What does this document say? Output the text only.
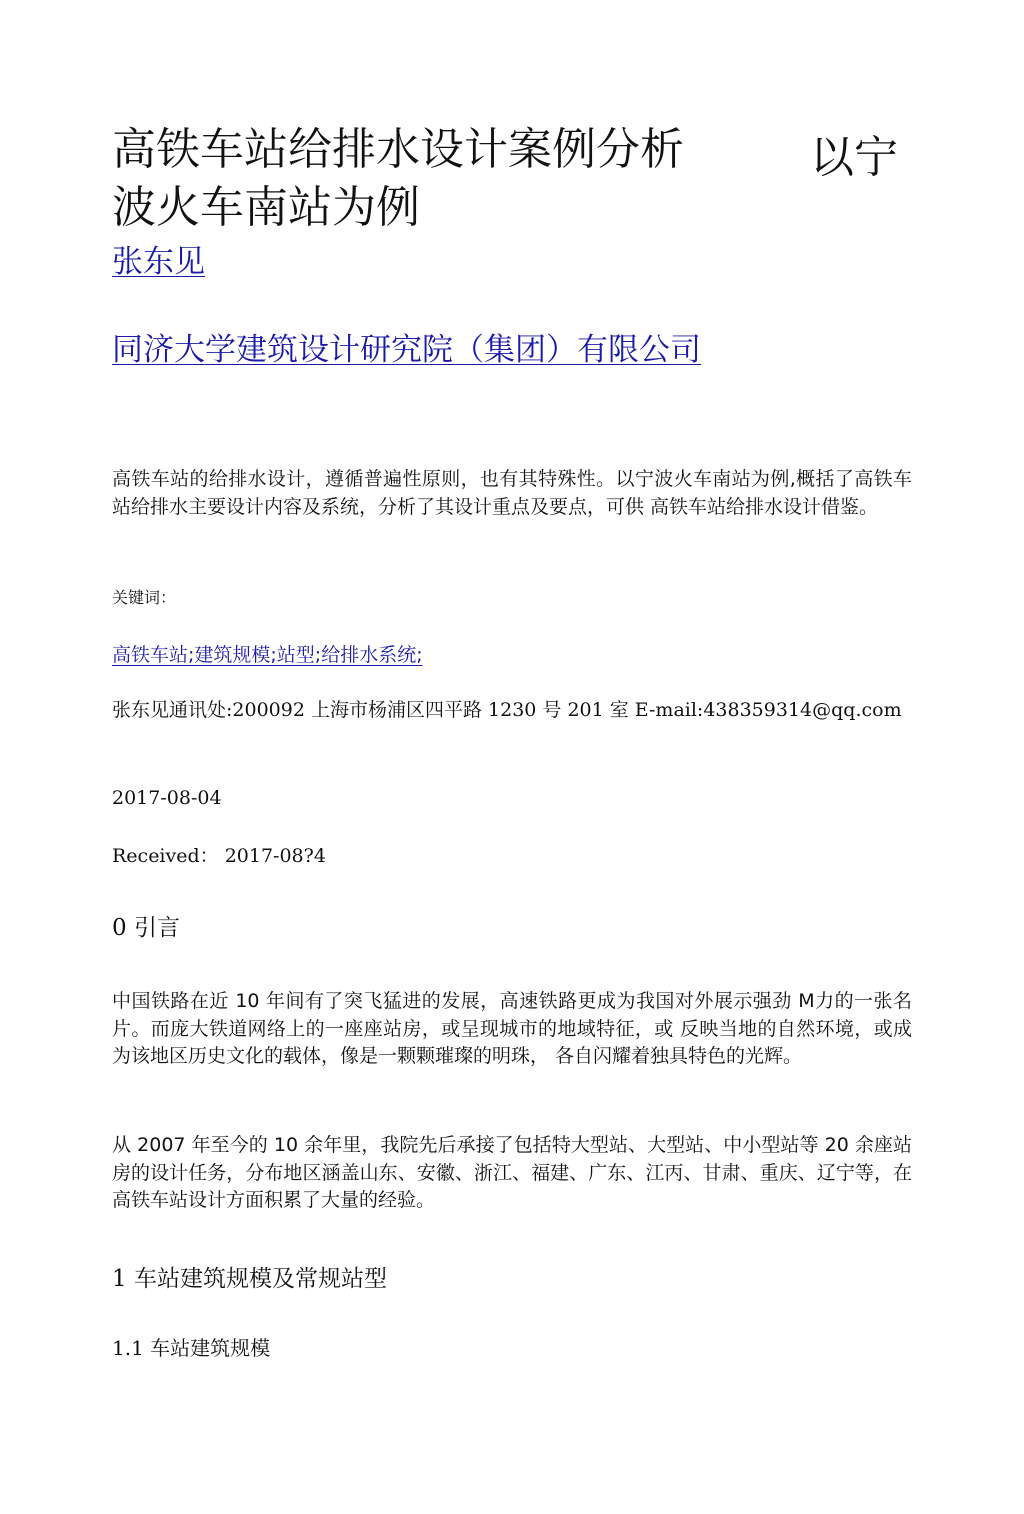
高铁车站给排水设计案例分析	以宁
波火车南站为例
张东见
同济大学建筑设计研究院（集团）有限公司

高铁车站的给排水设计，遵循普遍性原则，也有其特殊性。以宁波火车南站为例,概括了高铁车站给排水主要设计内容及系统，分析了其设计重点及要点，可供 高铁车站给排水设计借鉴。

关键词：
高铁车站;建筑规模;站型;给排水系统;

张东见通讯处:200092 上海市杨浦区四平路 1230 号 201 室 E-mail:438359314@qq.com

2017-08-04
Received： 2017-08?4
0 引言

中国铁路在近 10 年间有了突飞猛进的发展，高速铁路更成为我国对外展示强劲 M力的一张名片。而庞大铁道网络上的一座座站房，或呈现城市的地域特征，或 反映当地的自然环境，或成为该地区历史文化的载体，像是一颗颗璀璨的明珠， 各自闪耀着独具特色的光辉。

从 2007 年至今的 10 余年里，我院先后承接了包括特大型站、大型站、中小型站等 20 余座站房的设计任务，分布地区涵盖山东、安徽、浙江、福建、广东、江丙、甘肃、重庆、辽宁等，在高铁车站设计方面积累了大量的经验。

1 车站建筑规模及常规站型
1.1 车站建筑规模
